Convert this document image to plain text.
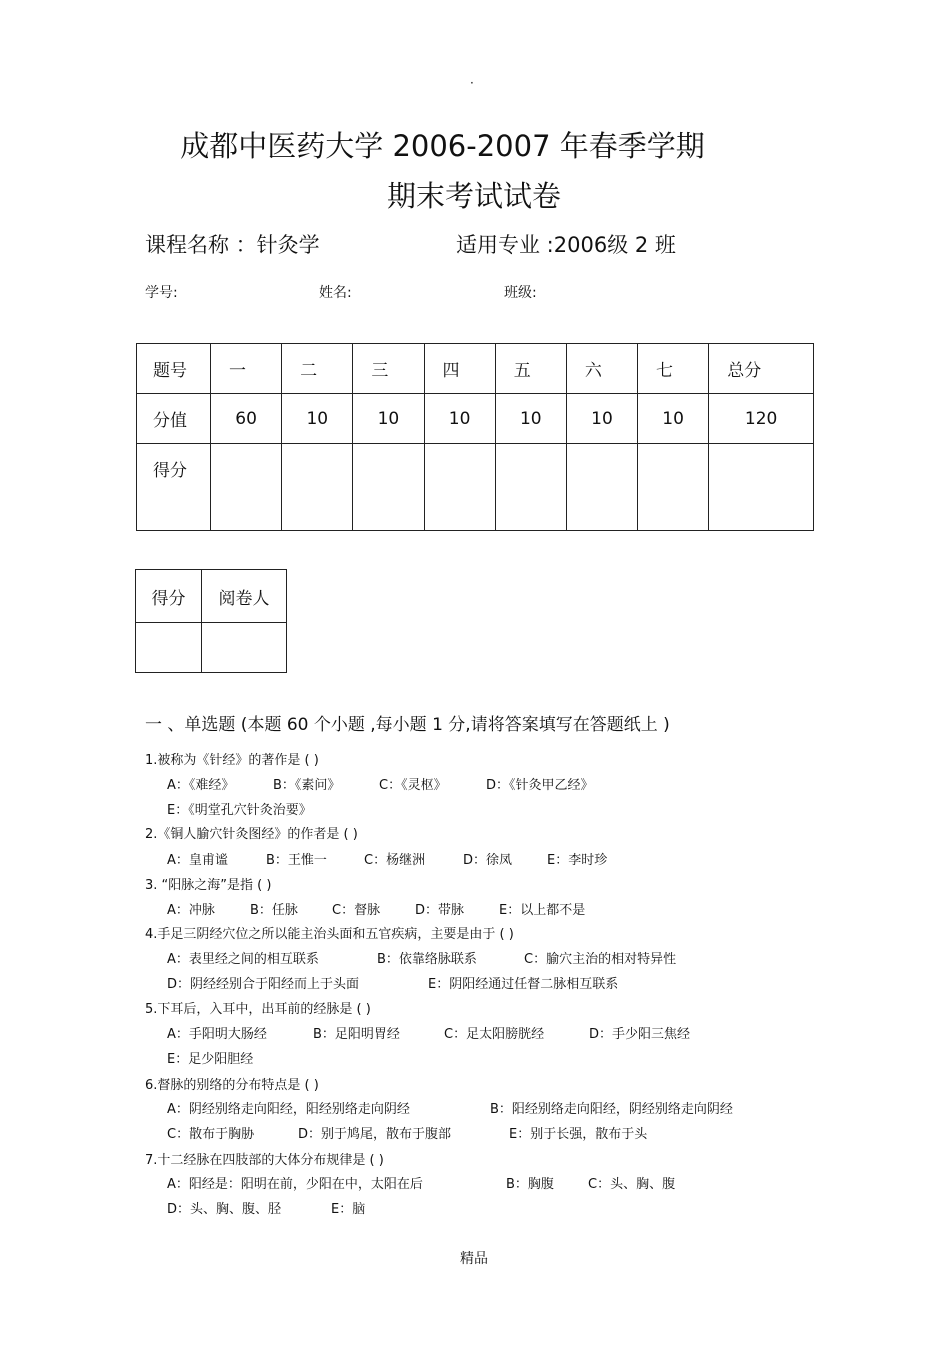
·
成都中医药大学 2006-2007 年春季学期
期末考试试卷
课程名称 ：针灸学	适用专业 :2006级 2 班
学号:	姓名:	班级:
题号	一	二	三	四	五	六	七	总分
分值	60	10	10	10	10	10	10	120
得分								
得分	阅卷人

一 、单选题 (本题 60 个小题 ,每小题 1 分,请将答案填写在答题纸上 )
1.被称为《针经》的著作是 ( )
A：《难经》	B：《素问》	C：《灵枢》	D：《针灸甲乙经》
E：《明堂孔穴针灸治要》
2.《铜人腧穴针灸图经》的作者是 ( )
A：皇甫谧	B：王惟一	C：杨继洲	D：徐凤	E：李时珍
3. “阳脉之海”是指 ( )
A：冲脉	B：任脉	C：督脉	D：带脉	E：以上都不是
4.手足三阴经穴位之所以能主治头面和五官疾病，主要是由于 ( )
A：表里经之间的相互联系	B：依靠络脉联系	C：腧穴主治的相对特异性
D：阴经经别合于阳经而上于头面	E：阴阳经通过任督二脉相互联系
5.下耳后，入耳中，出耳前的经脉是 ( )
A：手阳明大肠经	B：足阳明胃经	C：足太阳膀胱经	D：手少阳三焦经
E：足少阳胆经
6.督脉的别络的分布特点是 ( )
A：阴经别络走向阳经，阳经别络走向阴经	B：阳经别络走向阳经，阴经别络走向阴经
C：散布于胸胁	D：别于鸠尾，散布于腹部	E：别于长强，散布于头
7.十二经脉在四肢部的大体分布规律是 ( )
A：阳经是：阳明在前，少阳在中，太阳在后	B：胸腹	C：头、胸、腹
D：头、胸、腹、胫	E：脑
精品
